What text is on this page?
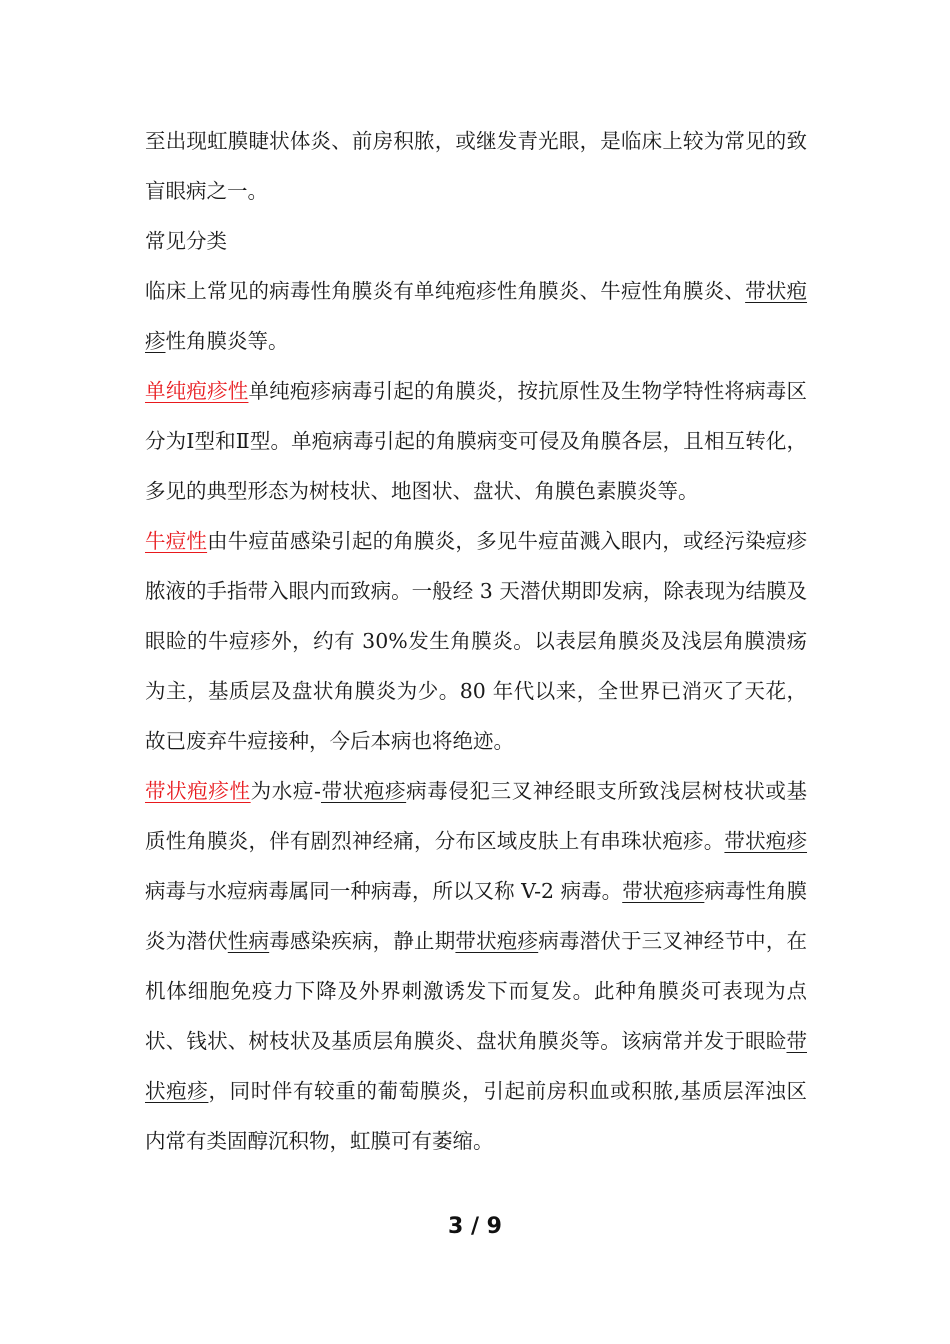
至出现虹膜睫状体炎、前房积脓，或继发青光眼，是临床上较为常见的致盲眼病之一。

常见分类

临床上常见的病毒性角膜炎有单纯疱疹性角膜炎、牛痘性角膜炎、带状疱疹性角膜炎等。

单纯疱疹性单纯疱疹病毒引起的角膜炎，按抗原性及生物学特性将病毒区分为Ⅰ型和Ⅱ型。单疱病毒引起的角膜病变可侵及角膜各层，且相互转化，多见的典型形态为树枝状、地图状、盘状、角膜色素膜炎等。

牛痘性由牛痘苗感染引起的角膜炎，多见牛痘苗溅入眼内，或经污染痘疹脓液的手指带入眼内而致病。一般经 3 天潜伏期即发病，除表现为结膜及眼睑的牛痘疹外，约有 30%发生角膜炎。以表层角膜炎及浅层角膜溃疡为主，基质层及盘状角膜炎为少。80 年代以来，全世界已消灭了天花，故已废弃牛痘接种，今后本病也将绝迹。

带状疱疹性为水痘-带状疱疹病毒侵犯三叉神经眼支所致浅层树枝状或基质性角膜炎，伴有剧烈神经痛，分布区域皮肤上有串珠状疱疹。带状疱疹病毒与水痘病毒属同一种病毒，所以又称 V-2 病毒。带状疱疹病毒性角膜炎为潜伏性病毒感染疾病，静止期带状疱疹病毒潜伏于三叉神经节中，在机体细胞免疫力下降及外界刺激诱发下而复发。此种角膜炎可表现为点状、钱状、树枝状及基质层角膜炎、盘状角膜炎等。该病常并发于眼睑带状疱疹，同时伴有较重的葡萄膜炎，引起前房积血或积脓,基质层浑浊区内常有类固醇沉积物，虹膜可有萎缩。

3 / 9
